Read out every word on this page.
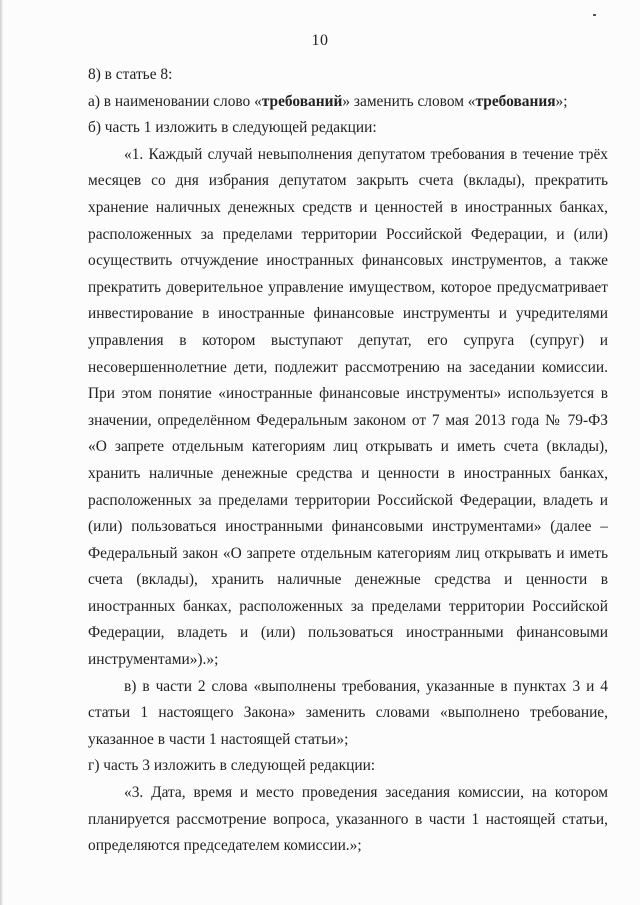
10

8) в статье 8:

а) в наименовании слово «требований» заменить словом «требования»;

б) часть 1 изложить в следующей редакции:

«1. Каждый случай невыполнения депутатом требования в течение трёх месяцев со дня избрания депутатом закрыть счета (вклады), прекратить хранение наличных денежных средств и ценностей в иностранных банках, расположенных за пределами территории Российской Федерации, и (или) осуществить отчуждение иностранных финансовых инструментов, а также прекратить доверительное управление имуществом, которое предусматривает инвестирование в иностранные финансовые инструменты и учредителями управления в котором выступают депутат, его супруга (супруг) и несовершеннолетние дети, подлежит рассмотрению на заседании комиссии. При этом понятие «иностранные финансовые инструменты» используется в значении, определённом Федеральным законом от 7 мая 2013 года № 79-ФЗ «О запрете отдельным категориям лиц открывать и иметь счета (вклады), хранить наличные денежные средства и ценности в иностранных банках, расположенных за пределами территории Российской Федерации, владеть и (или) пользоваться иностранными финансовыми инструментами» (далее – Федеральный закон «О запрете отдельным категориям лиц открывать и иметь счета (вклады), хранить наличные денежные средства и ценности в иностранных банках, расположенных за пределами территории Российской Федерации, владеть и (или) пользоваться иностранными финансовыми инструментами»).»;

в) в части 2 слова «выполнены требования, указанные в пунктах 3 и 4 статьи 1 настоящего Закона» заменить словами «выполнено требование, указанное в части 1 настоящей статьи»;

г) часть 3 изложить в следующей редакции:

«3. Дата, время и место проведения заседания комиссии, на котором планируется рассмотрение вопроса, указанного в части 1 настоящей статьи, определяются председателем комиссии.»;
